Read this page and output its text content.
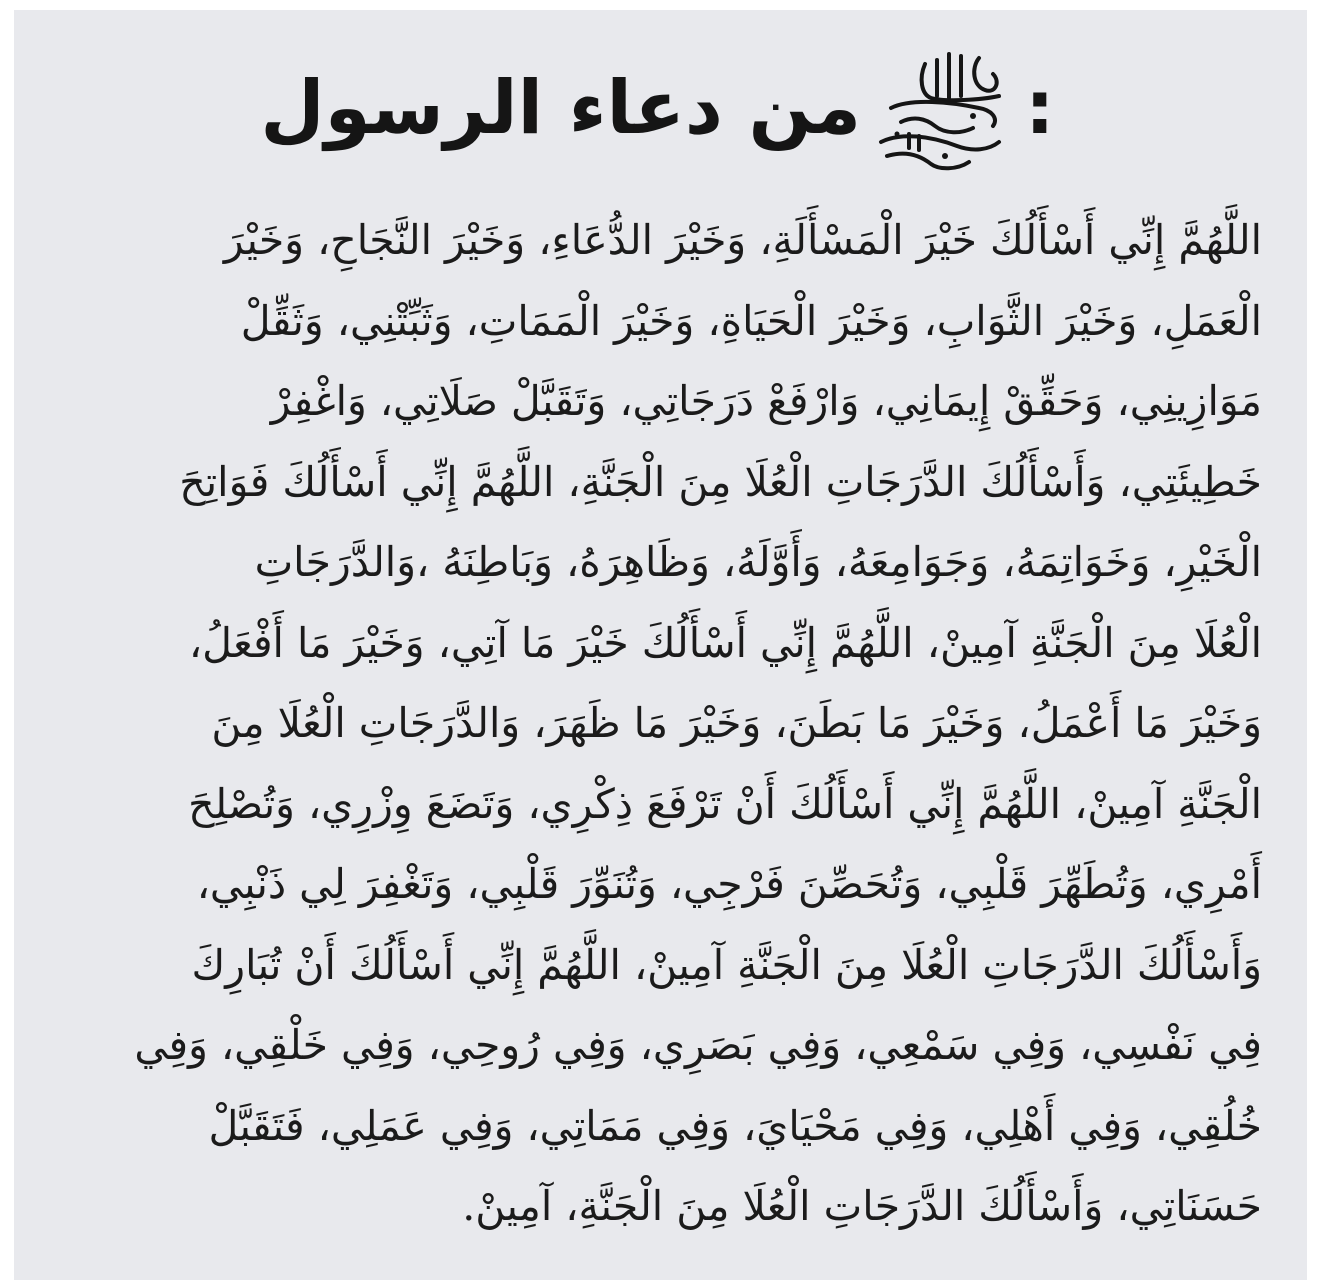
من دعاء الرسول :
اللَّهُمَّ إِنِّي أَسْأَلُكَ خَيْرَ الْمَسْأَلَةِ، وَخَيْرَ الدُّعَاءِ، وَخَيْرَ النَّجَاحِ، وَخَيْرَ
الْعَمَلِ، وَخَيْرَ الثَّوَابِ، وَخَيْرَ الْحَيَاةِ، وَخَيْرَ الْمَمَاتِ، وَثَبِّتْنِي، وَثَقِّلْ
مَوَازِينِي، وَحَقِّقْ إِيمَانِي، وَارْفَعْ دَرَجَاتِي، وَتَقَبَّلْ صَلَاتِي، وَاغْفِرْ
خَطِيئَتِي، وَأَسْأَلُكَ الدَّرَجَاتِ الْعُلَا مِنَ الْجَنَّةِ، اللَّهُمَّ إِنِّي أَسْأَلُكَ فَوَاتِحَ
الْخَيْرِ، وَخَوَاتِمَهُ، وَجَوَامِعَهُ، وَأَوَّلَهُ، وَظَاهِرَهُ، وَبَاطِنَهُ ،وَالدَّرَجَاتِ
الْعُلَا مِنَ الْجَنَّةِ آمِينْ، اللَّهُمَّ إِنِّي أَسْأَلُكَ خَيْرَ مَا آتِي، وَخَيْرَ مَا أَفْعَلُ،
وَخَيْرَ مَا أَعْمَلُ، وَخَيْرَ مَا بَطَنَ، وَخَيْرَ مَا ظَهَرَ، وَالدَّرَجَاتِ الْعُلَا مِنَ
الْجَنَّةِ آمِينْ، اللَّهُمَّ إِنِّي أَسْأَلُكَ أَنْ تَرْفَعَ ذِكْرِي، وَتَضَعَ وِزْرِي، وَتُصْلِحَ
أَمْرِي، وَتُطَهِّرَ قَلْبِي، وَتُحَصِّنَ فَرْجِي، وَتُنَوِّرَ قَلْبِي، وَتَغْفِرَ لِي ذَنْبِي،
وَأَسْأَلُكَ الدَّرَجَاتِ الْعُلَا مِنَ الْجَنَّةِ آمِينْ، اللَّهُمَّ إِنِّي أَسْأَلُكَ أَنْ تُبَارِكَ
فِي نَفْسِي، وَفِي سَمْعِي، وَفِي بَصَرِي، وَفِي رُوحِي، وَفِي خَلْقِي، وَفِي
خُلُقِي، وَفِي أَهْلِي، وَفِي مَحْيَايَ، وَفِي مَمَاتِي، وَفِي عَمَلِي، فَتَقَبَّلْ
حَسَنَاتِي، وَأَسْأَلُكَ الدَّرَجَاتِ الْعُلَا مِنَ الْجَنَّةِ، آمِينْ.
